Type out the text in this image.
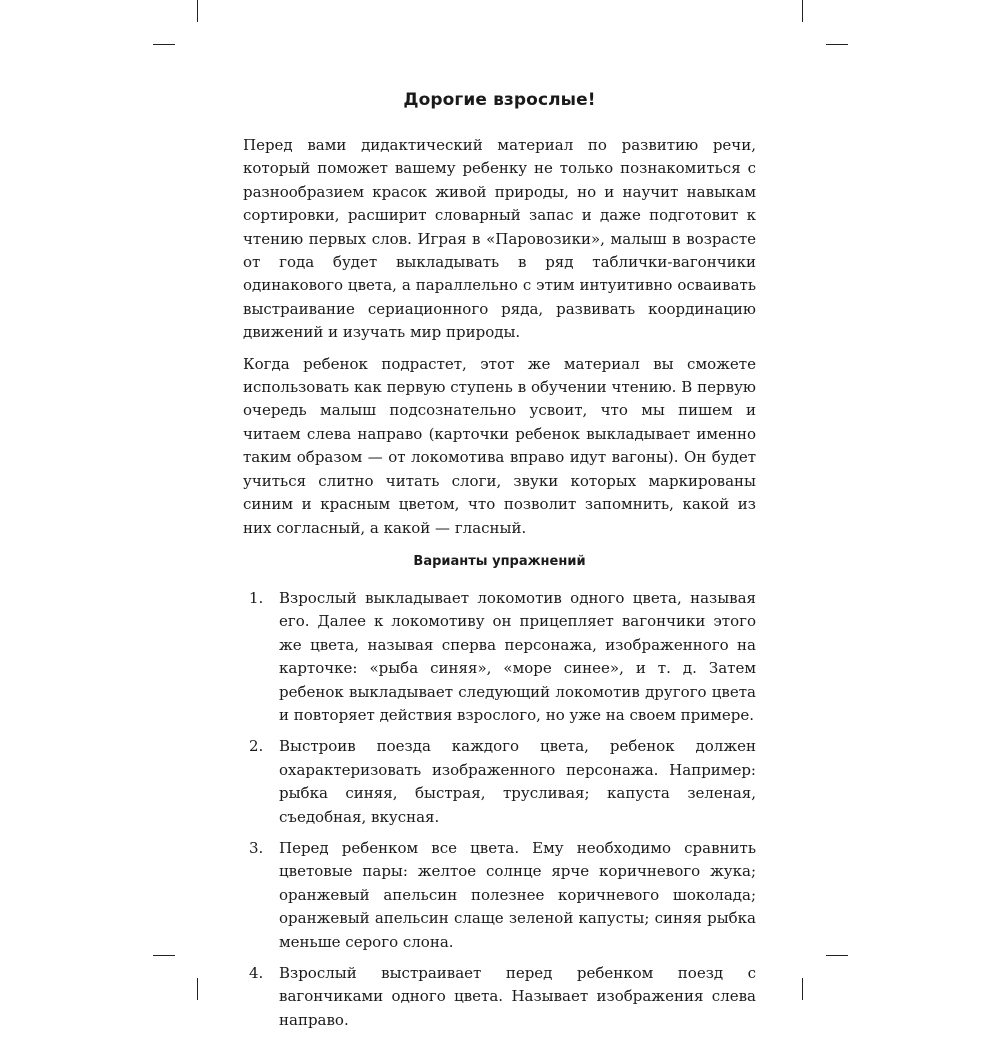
Дорогие взрослые!

Перед вами дидактический материал по развитию речи, который поможет вашему ребенку не только познакомиться с разнообразием красок живой природы, но и научит навыкам сортировки, расширит словарный запас и даже подготовит к чтению первых слов. Играя в «Паровозики», малыш в возрасте от года будет выкладывать в ряд таблички-вагончики одинакового цвета, а параллельно с этим интуитивно осваивать выстраивание сериационного ряда, развивать координацию движений и изучать мир природы.

Когда ребенок подрастет, этот же материал вы сможете использовать как первую ступень в обучении чтению. В первую очередь малыш подсознательно усвоит, что мы пишем и читаем слева направо (карточки ребенок выкладывает именно таким образом — от локомотива вправо идут вагоны). Он будет учиться слитно читать слоги, звуки которых маркированы синим и красным цветом, что позволит запомнить, какой из них согласный, а какой — гласный.

Варианты упражнений
1.	Взрослый выкладывает локомотив одного цвета, называя его. Далее к локомотиву он прицепляет вагончики этого же цвета, называя сперва персонажа, изображенного на карточке: «рыба синяя», «море синее», и т. д. Затем ребенок выкладывает следующий локомотив другого цвета и повторяет действия взрослого, но уже на своем примере.
2.	Выстроив поезда каждого цвета, ребенок должен охарактеризовать изображенного персонажа. Например: рыбка синяя, быстрая, трусливая; капуста зеленая, съедобная, вкусная.
3.	Перед ребенком все цвета. Ему необходимо сравнить цветовые пары: желтое солнце ярче коричневого жука; оранжевый апельсин полезнее коричневого шоколада; оранжевый апельсин слаще зеленой капусты; синяя рыбка меньше серого слона.
4.	Взрослый выстраивает перед ребенком поезд с вагончиками одного цвета. Называет изображения слева направо.
